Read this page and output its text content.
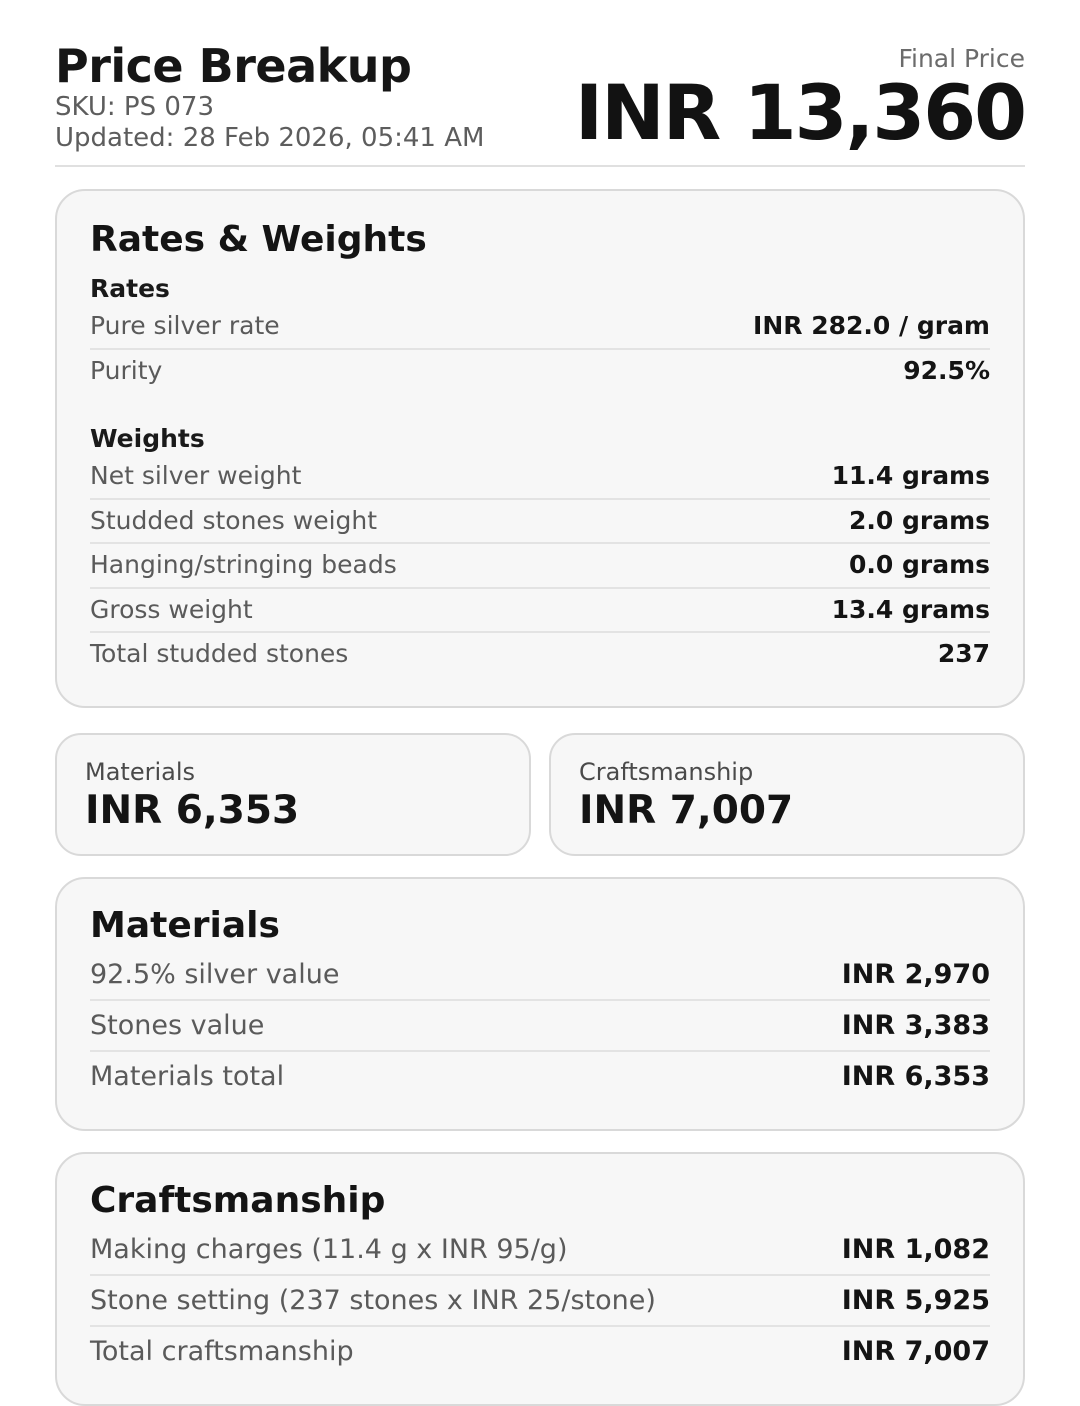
Price Breakup
SKU: PS 073
Updated: 28 Feb 2026, 05:41 AM
Final Price
INR 13,360
Rates & Weights
Rates
Pure silver rate	INR 282.0 / gram
Purity	92.5%
Weights
Net silver weight	11.4 grams
Studded stones weight	2.0 grams
Hanging/stringing beads	0.0 grams
Gross weight	13.4 grams
Total studded stones	237
Materials
INR 6,353
Craftsmanship
INR 7,007
Materials
92.5% silver value	INR 2,970
Stones value	INR 3,383
Materials total	INR 6,353
Craftsmanship
Making charges (11.4 g x INR 95/g)	INR 1,082
Stone setting (237 stones x INR 25/stone)	INR 5,925
Total craftsmanship	INR 7,007
